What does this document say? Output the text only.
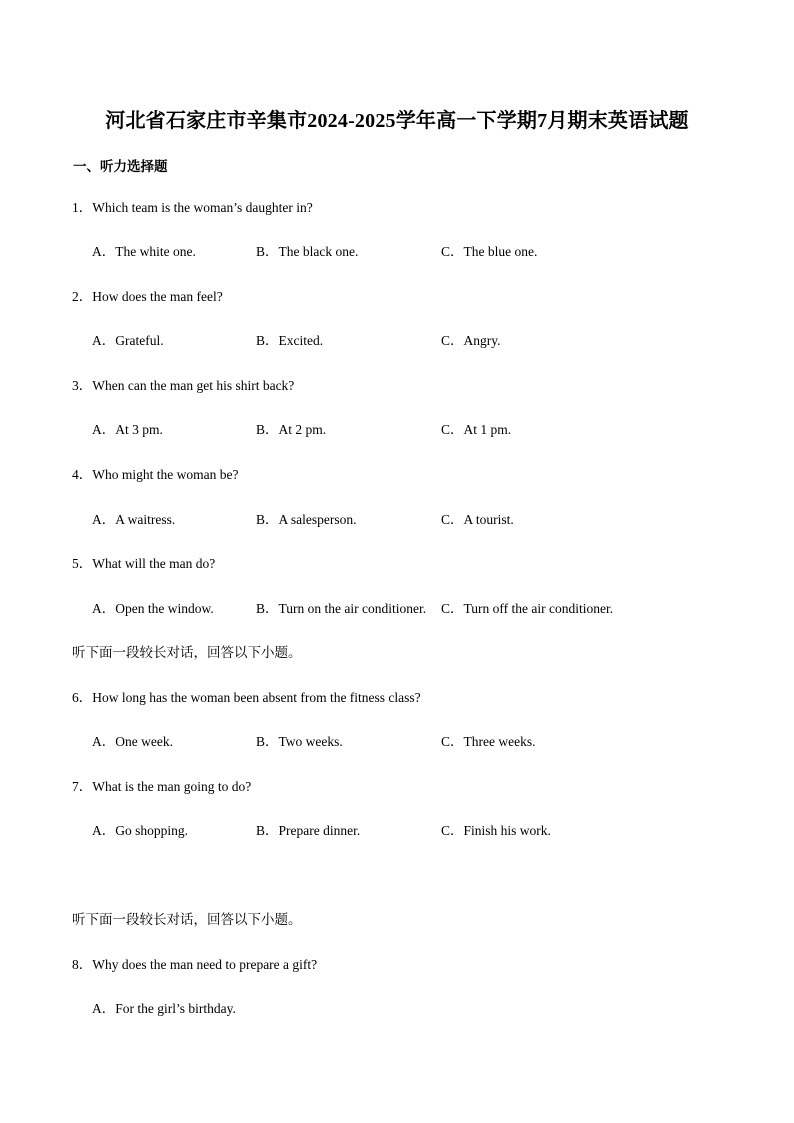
河北省石家庄市辛集市2024-2025学年高一下学期7月期末英语试题
一、听力选择题
1．Which team is the woman’s daughter in?
A．The white one.	B．The black one.	C．The blue one.
2．How does the man feel?
A．Grateful.	B．Excited.	C．Angry.
3．When can the man get his shirt back?
A．At 3 pm.	B．At 2 pm.	C．At 1 pm.
4．Who might the woman be?
A．A waitress.	B．A salesperson.	C．A tourist.
5．What will the man do?
A．Open the window.	B．Turn on the air conditioner. C．Turn off the air conditioner.
听下面一段较长对话，回答以下小题。
6．How long has the woman been absent from the fitness class?
A．One week.	B．Two weeks.	C．Three weeks.
7．What is the man going to do?
A．Go shopping.	B．Prepare dinner.	C．Finish his work.
听下面一段较长对话，回答以下小题。
8．Why does the man need to prepare a gift?
A．For the girl’s birthday.
